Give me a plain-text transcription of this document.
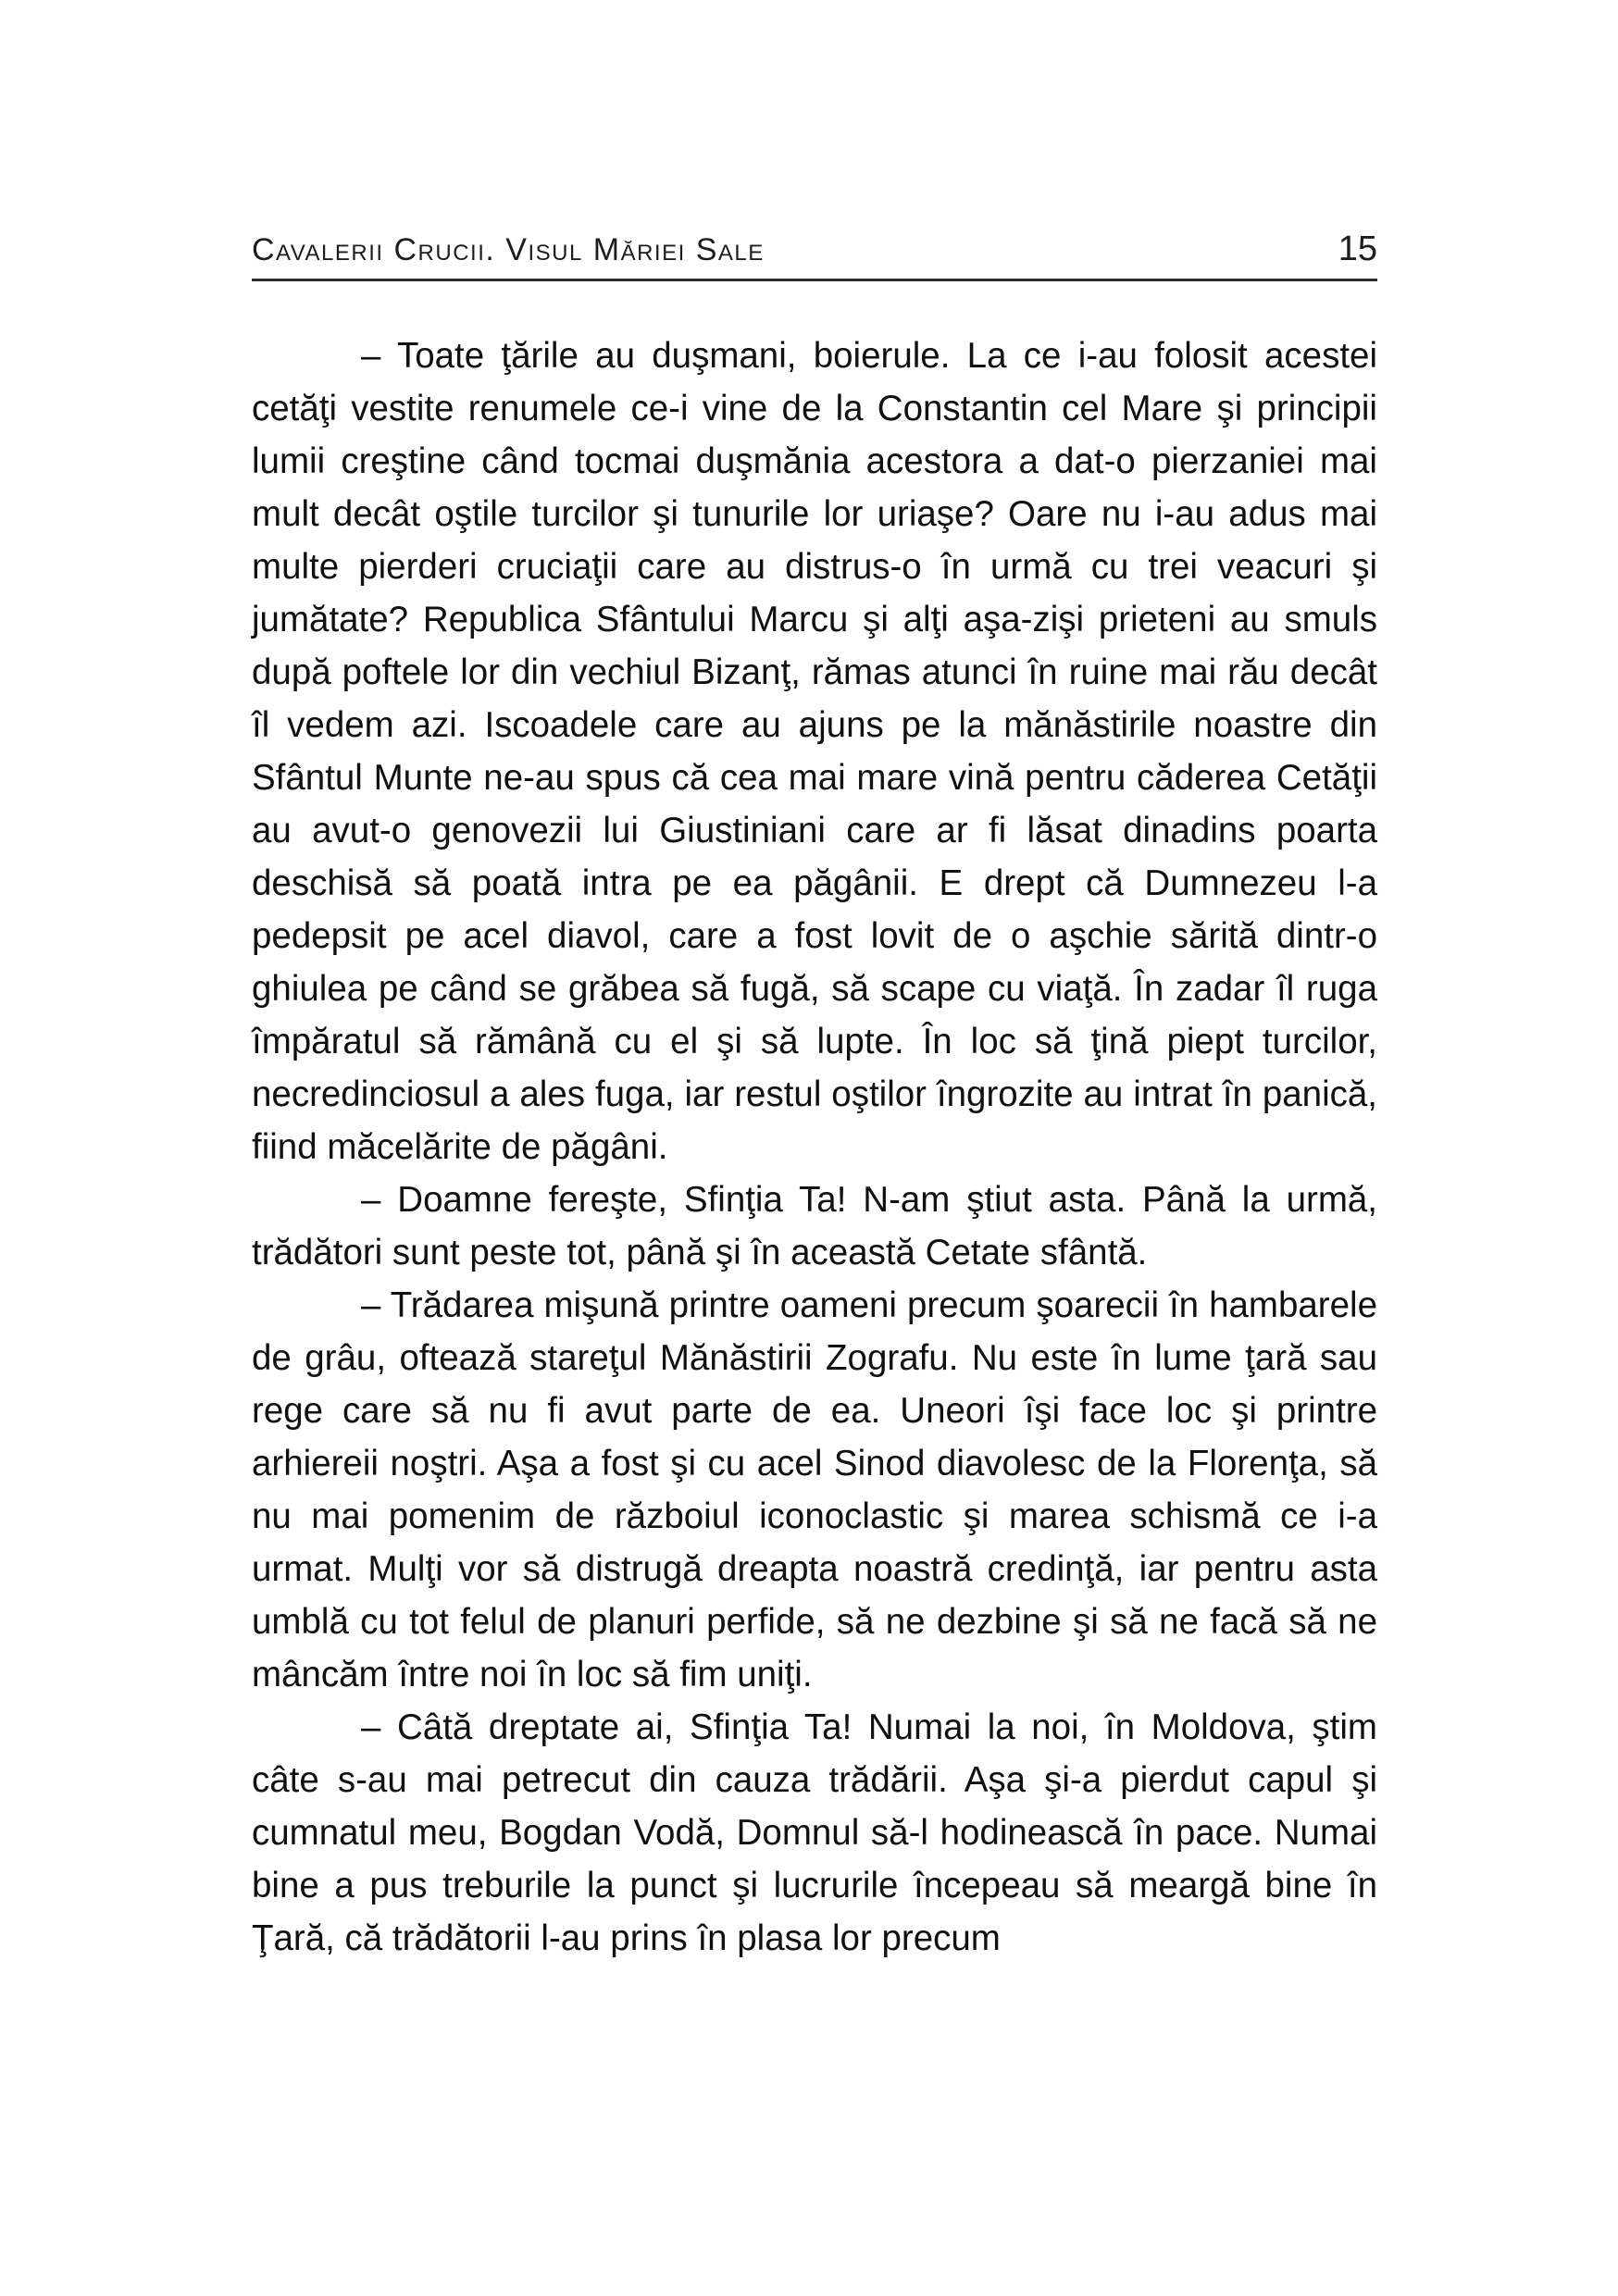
Cavalerii Crucii. Visul Măriei Sale	15

– Toate ţările au duşmani, boierule. La ce i-au folosit acestei cetăţi vestite renumele ce-i vine de la Constantin cel Mare şi principii lumii creştine când tocmai duşmănia acestora a dat-o pierzaniei mai mult decât oştile turcilor şi tunurile lor uriaşe? Oare nu i-au adus mai multe pierderi cruciaţii care au distrus-o în urmă cu trei veacuri şi jumătate? Republica Sfântului Marcu şi alţi aşa-zişi prieteni au smuls după poftele lor din vechiul Bizanţ, rămas atunci în ruine mai rău decât îl vedem azi. Iscoadele care au ajuns pe la mănăstirile noastre din Sfântul Munte ne-au spus că cea mai mare vină pentru căderea Cetăţii au avut-o genovezii lui Giustiniani care ar fi lăsat dinadins poarta deschisă să poată intra pe ea păgânii. E drept că Dumnezeu l-a pedepsit pe acel diavol, care a fost lovit de o aşchie sărită dintr-o ghiulea pe când se grăbea să fugă, să scape cu viaţă. În zadar îl ruga împăratul să rămână cu el şi să lupte. În loc să ţină piept turcilor, necredinciosul a ales fuga, iar restul oştilor îngrozite au intrat în panică, fiind măcelărite de păgâni.

– Doamne fereşte, Sfinţia Ta! N-am ştiut asta. Până la urmă, trădători sunt peste tot, până şi în această Cetate sfântă.

– Trădarea mişună printre oameni precum şoarecii în hambarele de grâu, oftează stareţul Mănăstirii Zografu. Nu este în lume ţară sau rege care să nu fi avut parte de ea. Uneori îşi face loc şi printre arhiereii noştri. Aşa a fost şi cu acel Sinod diavolesc de la Florenţa, să nu mai pomenim de războiul iconoclastic şi marea schismă ce i-a urmat. Mulţi vor să distrugă dreapta noastră credinţă, iar pentru asta umblă cu tot felul de planuri perfide, să ne dezbine şi să ne facă să ne mâncăm între noi în loc să fim uniţi.

– Câtă dreptate ai, Sfinţia Ta! Numai la noi, în Moldova, ştim câte s-au mai petrecut din cauza trădării. Aşa şi-a pierdut capul şi cumnatul meu, Bogdan Vodă, Domnul să-l hodinească în pace. Numai bine a pus treburile la punct şi lucrurile începeau să meargă bine în Ţară, că trădătorii l-au prins în plasa lor precum
